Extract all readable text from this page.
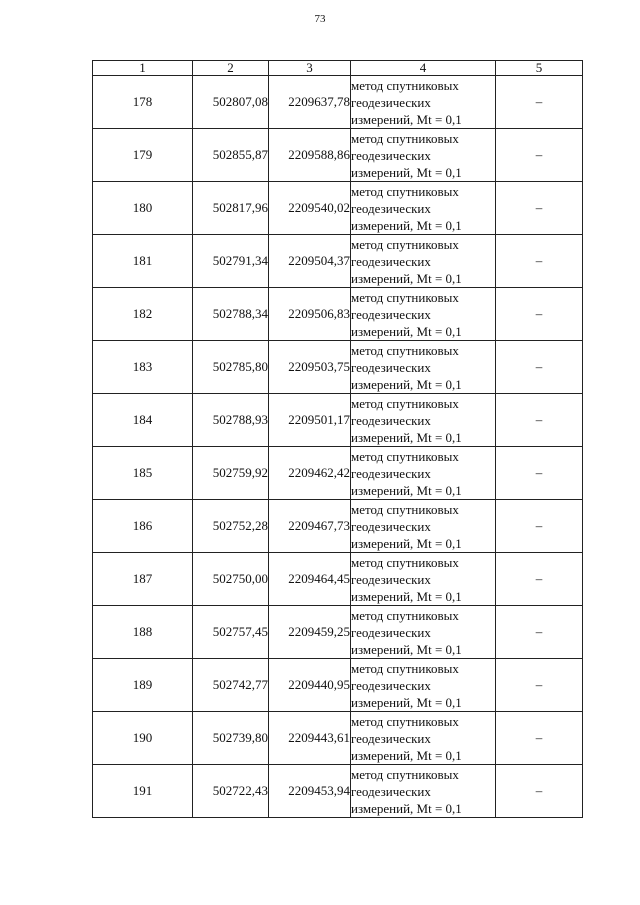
73
1	2	3	4	5
178	502807,08	2209637,78	метод спутниковых
геодезических
измерений, Mt = 0,1	–
179	502855,87	2209588,86	метод спутниковых
геодезических
измерений, Mt = 0,1	–
180	502817,96	2209540,02	метод спутниковых
геодезических
измерений, Mt = 0,1	–
181	502791,34	2209504,37	метод спутниковых
геодезических
измерений, Mt = 0,1	–
182	502788,34	2209506,83	метод спутниковых
геодезических
измерений, Mt = 0,1	–
183	502785,80	2209503,75	метод спутниковых
геодезических
измерений, Mt = 0,1	–
184	502788,93	2209501,17	метод спутниковых
геодезических
измерений, Mt = 0,1	–
185	502759,92	2209462,42	метод спутниковых
геодезических
измерений, Mt = 0,1	–
186	502752,28	2209467,73	метод спутниковых
геодезических
измерений, Mt = 0,1	–
187	502750,00	2209464,45	метод спутниковых
геодезических
измерений, Mt = 0,1	–
188	502757,45	2209459,25	метод спутниковых
геодезических
измерений, Mt = 0,1	–
189	502742,77	2209440,95	метод спутниковых
геодезических
измерений, Mt = 0,1	–
190	502739,80	2209443,61	метод спутниковых
геодезических
измерений, Mt = 0,1	–
191	502722,43	2209453,94	метод спутниковых
геодезических
измерений, Mt = 0,1	–
